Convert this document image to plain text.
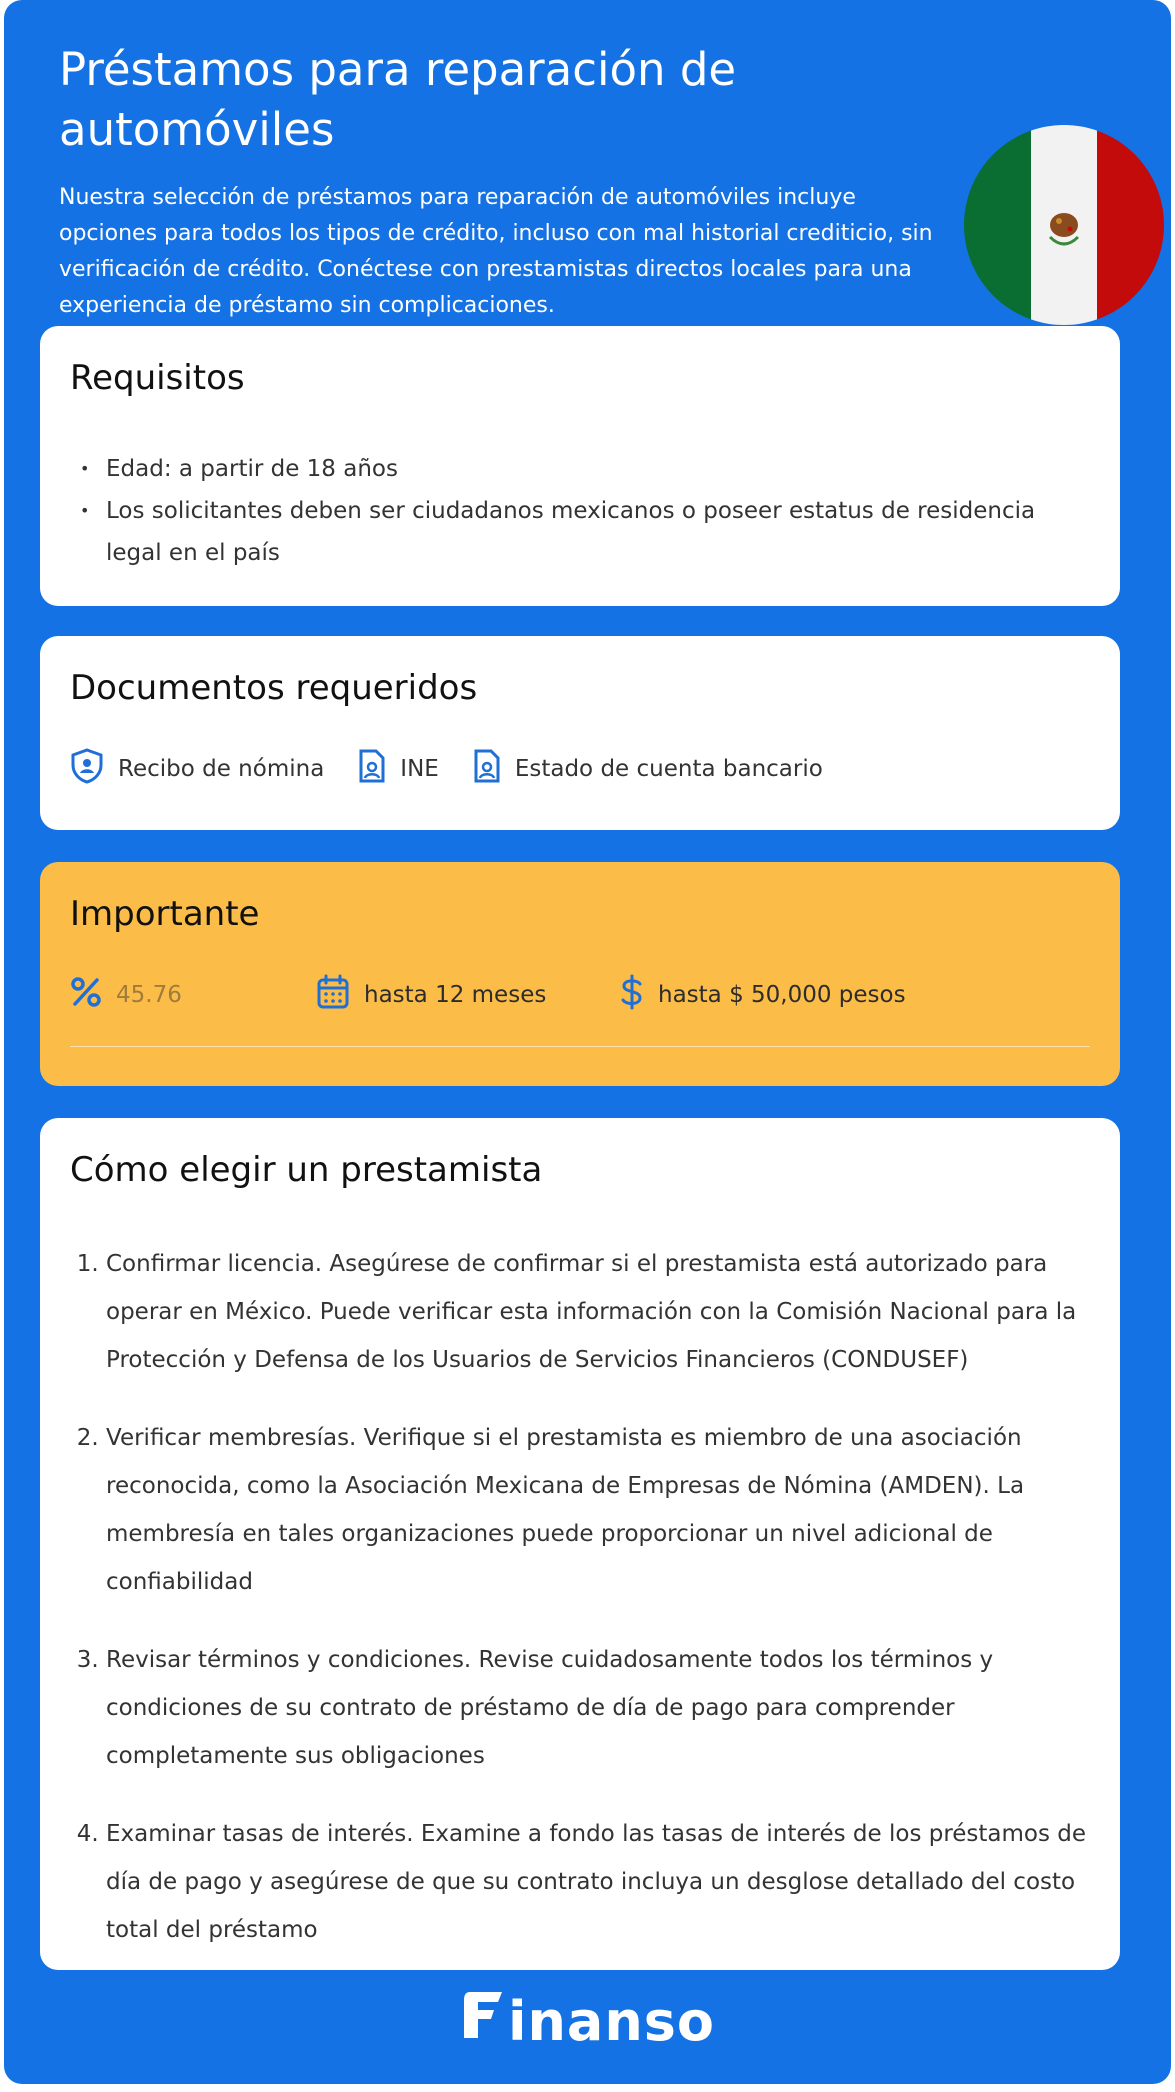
Préstamos para reparación de automóviles

Nuestra selección de préstamos para reparación de automóviles incluye opciones para todos los tipos de crédito, incluso con mal historial crediticio, sin verificación de crédito. Conéctese con prestamistas directos locales para una experiencia de préstamo sin complicaciones.

Requisitos
• Edad: a partir de 18 años
• Los solicitantes deben ser ciudadanos mexicanos o poseer estatus de residencia legal en el país
Documentos requeridos
Recibo de nómina	INE	Estado de cuenta bancario
Importante
45.76	hasta 12 meses	hasta $ 50,000 pesos
Cómo elegir un prestamista
1. Confirmar licencia. Asegúrese de confirmar si el prestamista está autorizado para operar en México. Puede verificar esta información con la Comisión Nacional para la Protección y Defensa de los Usuarios de Servicios Financieros (CONDUSEF)
2. Verificar membresías. Verifique si el prestamista es miembro de una asociación reconocida, como la Asociación Mexicana de Empresas de Nómina (AMDEN). La membresía en tales organizaciones puede proporcionar un nivel adicional de confiabilidad
3. Revisar términos y condiciones. Revise cuidadosamente todos los términos y condiciones de su contrato de préstamo de día de pago para comprender completamente sus obligaciones
4. Examinar tasas de interés. Examine a fondo las tasas de interés de los préstamos de día de pago y asegúrese de que su contrato incluya un desglose detallado del costo total del préstamo
inanso
